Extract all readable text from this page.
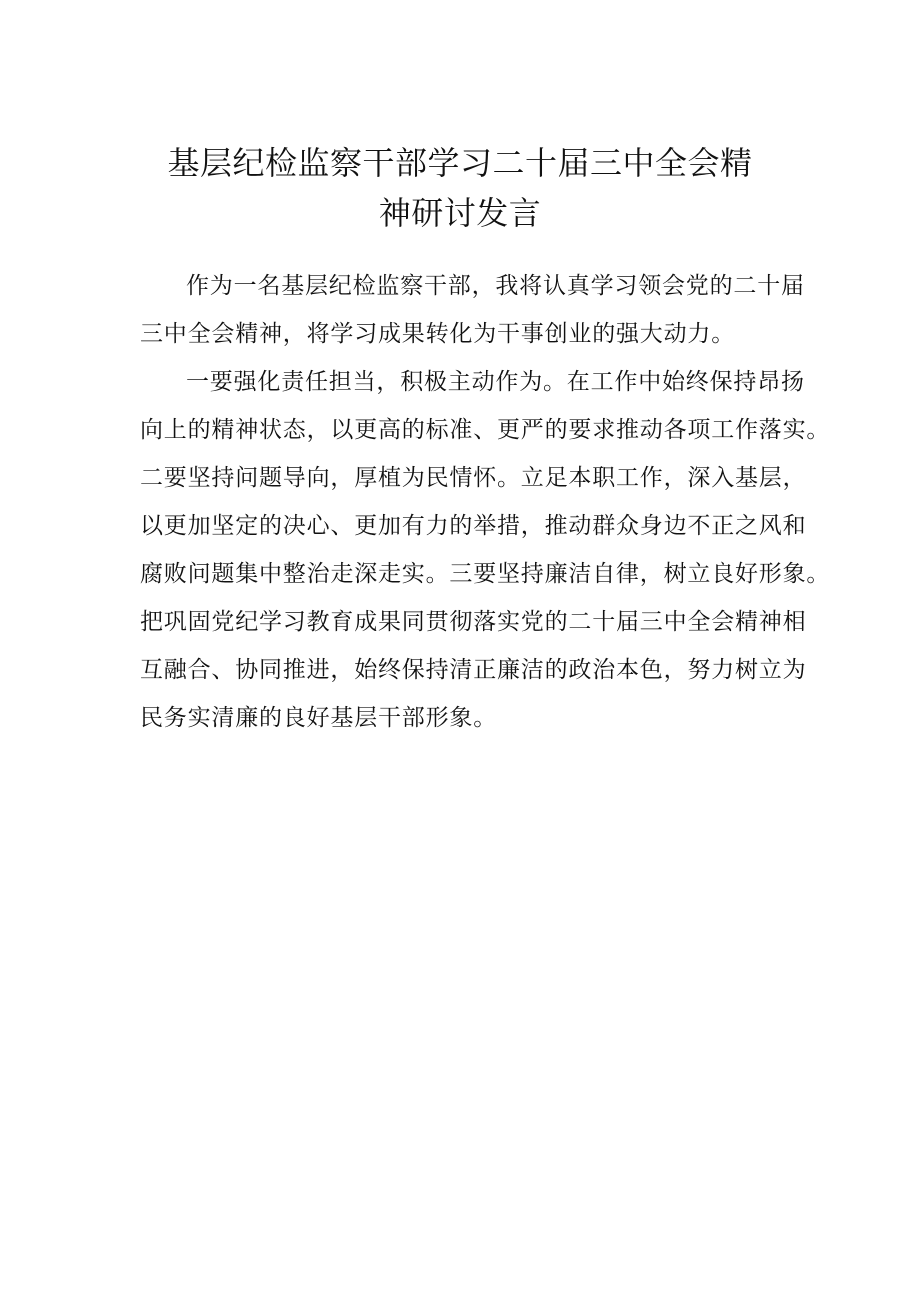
基层纪检监察干部学习二十届三中全会精
神研讨发言
作为一名基层纪检监察干部，我将认真学习领会党的二十届
三中全会精神，将学习成果转化为干事创业的强大动力。
一要强化责任担当，积极主动作为。在工作中始终保持昂扬
向上的精神状态，以更高的标准、更严的要求推动各项工作落实。
二要坚持问题导向，厚植为民情怀。立足本职工作，深入基层，
以更加坚定的决心、更加有力的举措，推动群众身边不正之风和
腐败问题集中整治走深走实。三要坚持廉洁自律，树立良好形象。
把巩固党纪学习教育成果同贯彻落实党的二十届三中全会精神相
互融合、协同推进，始终保持清正廉洁的政治本色，努力树立为
民务实清廉的良好基层干部形象。
